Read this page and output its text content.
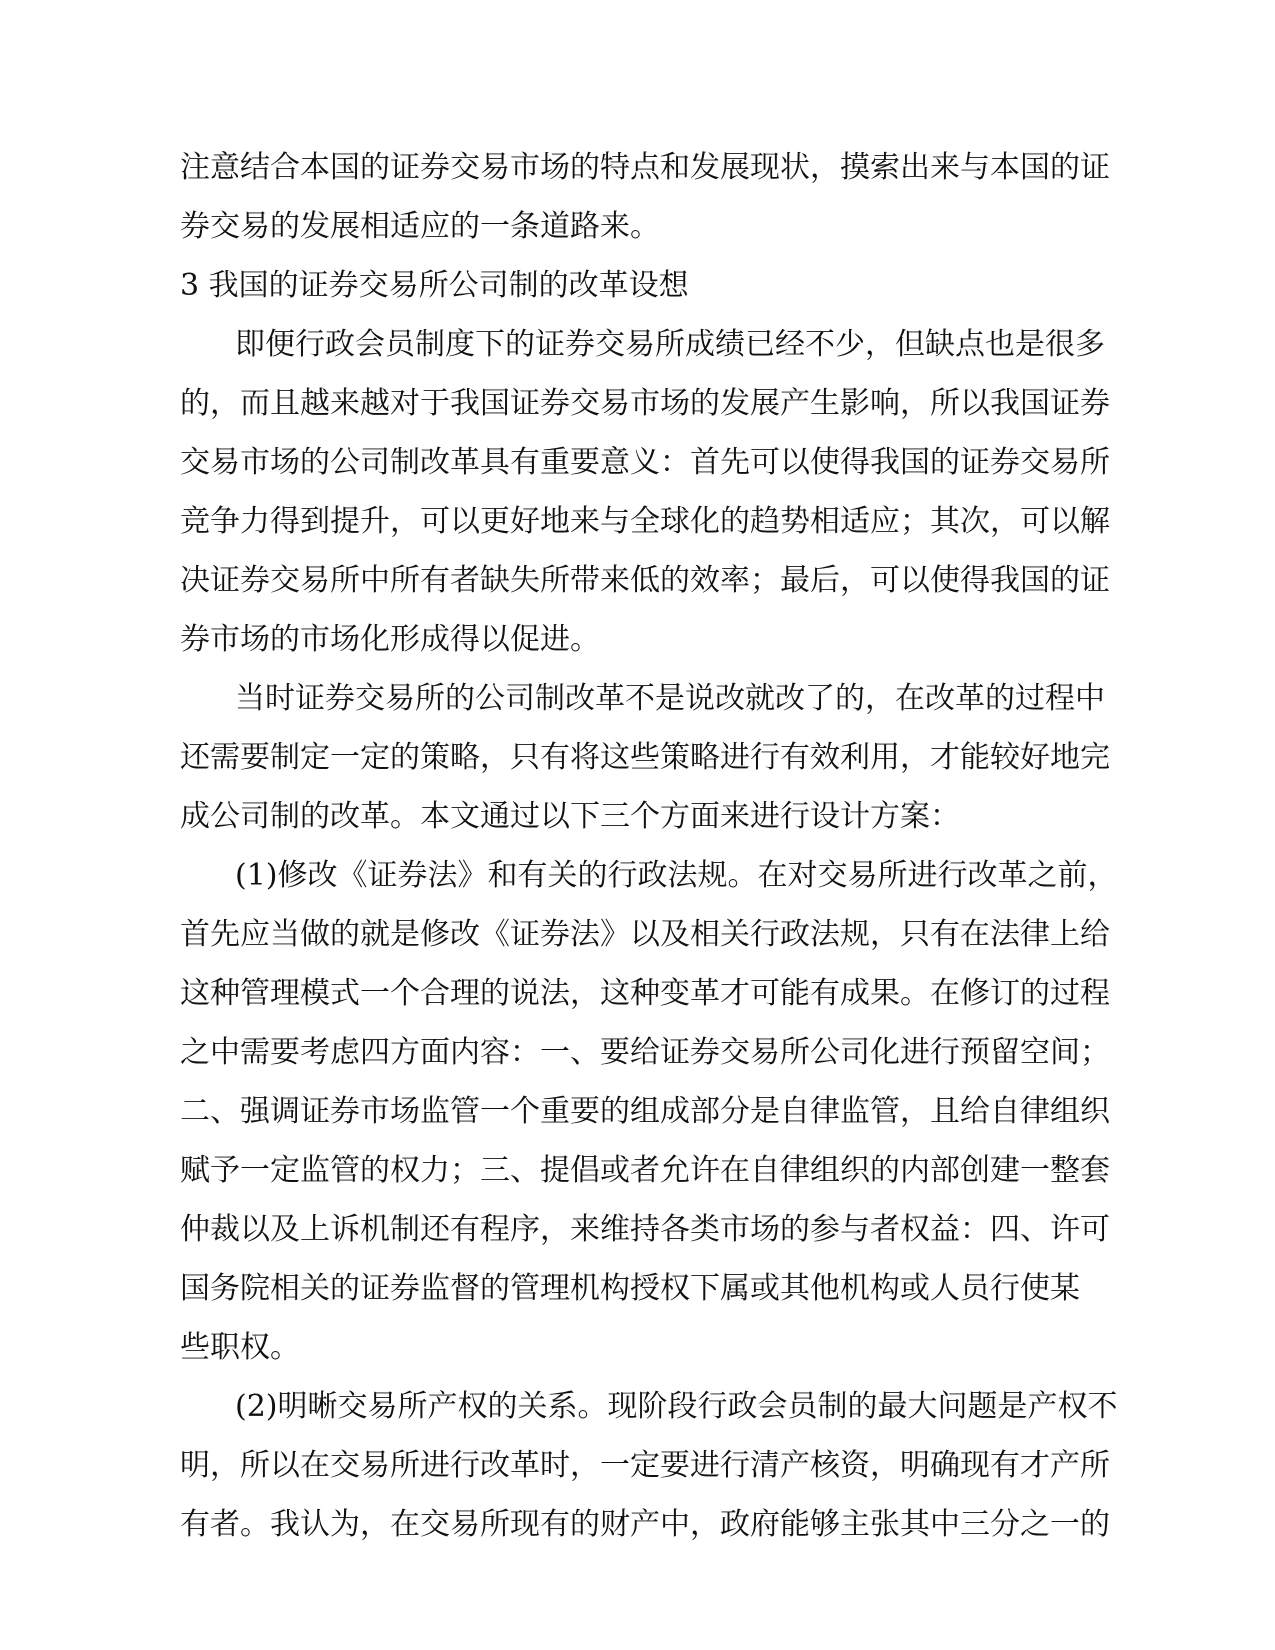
注意结合本国的证券交易市场的特点和发展现状，摸索出来与本国的证
券交易的发展相适应的一条道路来。
3 我国的证券交易所公司制的改革设想
即便行政会员制度下的证券交易所成绩已经不少，但缺点也是很多
的，而且越来越对于我国证券交易市场的发展产生影响，所以我国证券
交易市场的公司制改革具有重要意义：首先可以使得我国的证券交易所
竞争力得到提升，可以更好地来与全球化的趋势相适应；其次，可以解
决证券交易所中所有者缺失所带来低的效率；最后，可以使得我国的证
券市场的市场化形成得以促进。
当时证券交易所的公司制改革不是说改就改了的，在改革的过程中
还需要制定一定的策略，只有将这些策略进行有效利用，才能较好地完
成公司制的改革。本文通过以下三个方面来进行设计方案：
(1)修改《证券法》和有关的行政法规。在对交易所进行改革之前，
首先应当做的就是修改《证券法》以及相关行政法规，只有在法律上给
这种管理模式一个合理的说法，这种变革才可能有成果。在修订的过程
之中需要考虑四方面内容：一、要给证券交易所公司化进行预留空间；
二、强调证券市场监管一个重要的组成部分是自律监管，且给自律组织
赋予一定监管的权力；三、提倡或者允许在自律组织的内部创建一整套
仲裁以及上诉机制还有程序，来维持各类市场的参与者权益：四、许可
国务院相关的证券监督的管理机构授权下属或其他机构或人员行使某
些职权。
(2)明晰交易所产权的关系。现阶段行政会员制的最大问题是产权不
明，所以在交易所进行改革时，一定要进行清产核资，明确现有才产所
有者。我认为，在交易所现有的财产中，政府能够主张其中三分之一的
